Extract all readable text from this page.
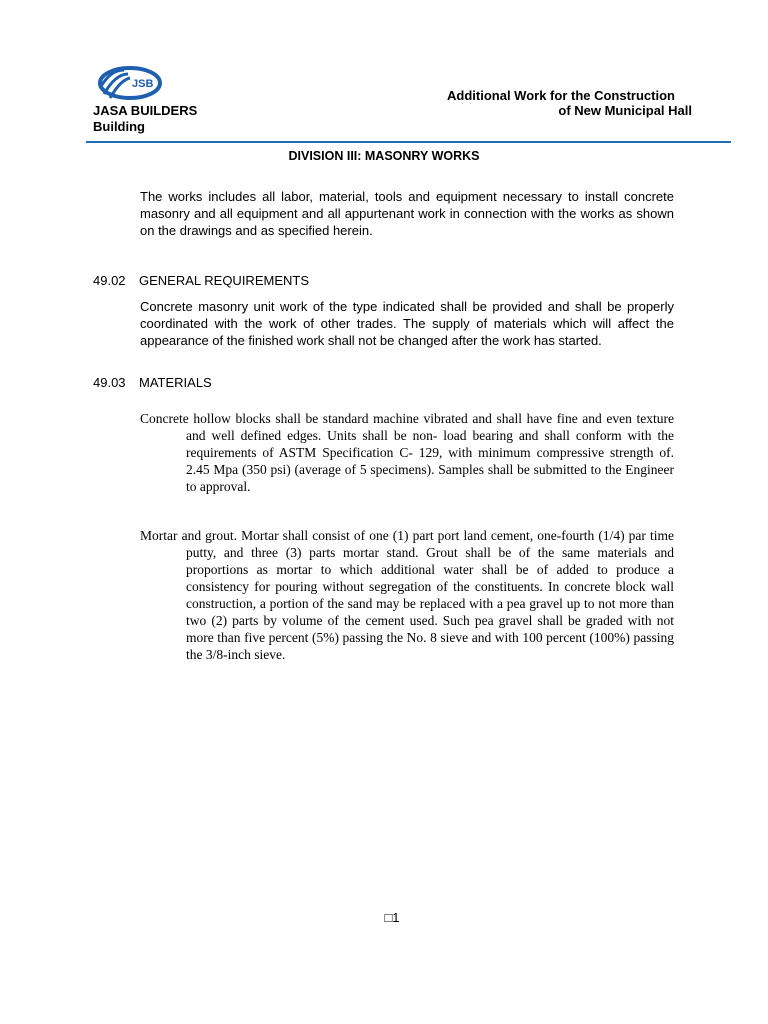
JSB
JASA BUILDERS
Building
Additional Work for the Construction
of New Municipal Hall
DIVISION III: MASONRY WORKS

The works includes all labor, material, tools and equipment necessary to install concrete masonry and all equipment and all appurtenant work in connection with the works as shown on the drawings and as specified herein.

49.02 GENERAL REQUIREMENTS

Concrete masonry unit work of the type indicated shall be provided and shall be properly coordinated with the work of other trades. The supply of materials which will affect the appearance of the finished work shall not be changed after the work has started.

49.03 MATERIALS

Concrete hollow blocks shall be standard machine vibrated and shall have fine and even texture and well defined edges. Units shall be non- load bearing and shall conform with the requirements of ASTM Specification C- 129, with minimum compressive strength of. 2.45 Mpa (350 psi) (average of 5 specimens). Samples shall be submitted to the Engineer to approval.

Mortar and grout. Mortar shall consist of one (1) part port land cement, one-fourth (1/4) par time putty, and three (3) parts mortar stand. Grout shall be of the same materials and proportions as mortar to which additional water shall be of added to produce a consistency for pouring without segregation of the constituents. In concrete block wall construction, a portion of the sand may be replaced with a pea gravel up to not more than two (2) parts by volume of the cement used. Such pea gravel shall be graded with not more than five percent (5%) passing the No. 8 sieve and with 100 percent (100%) passing the 3/8-inch sieve.

□1
